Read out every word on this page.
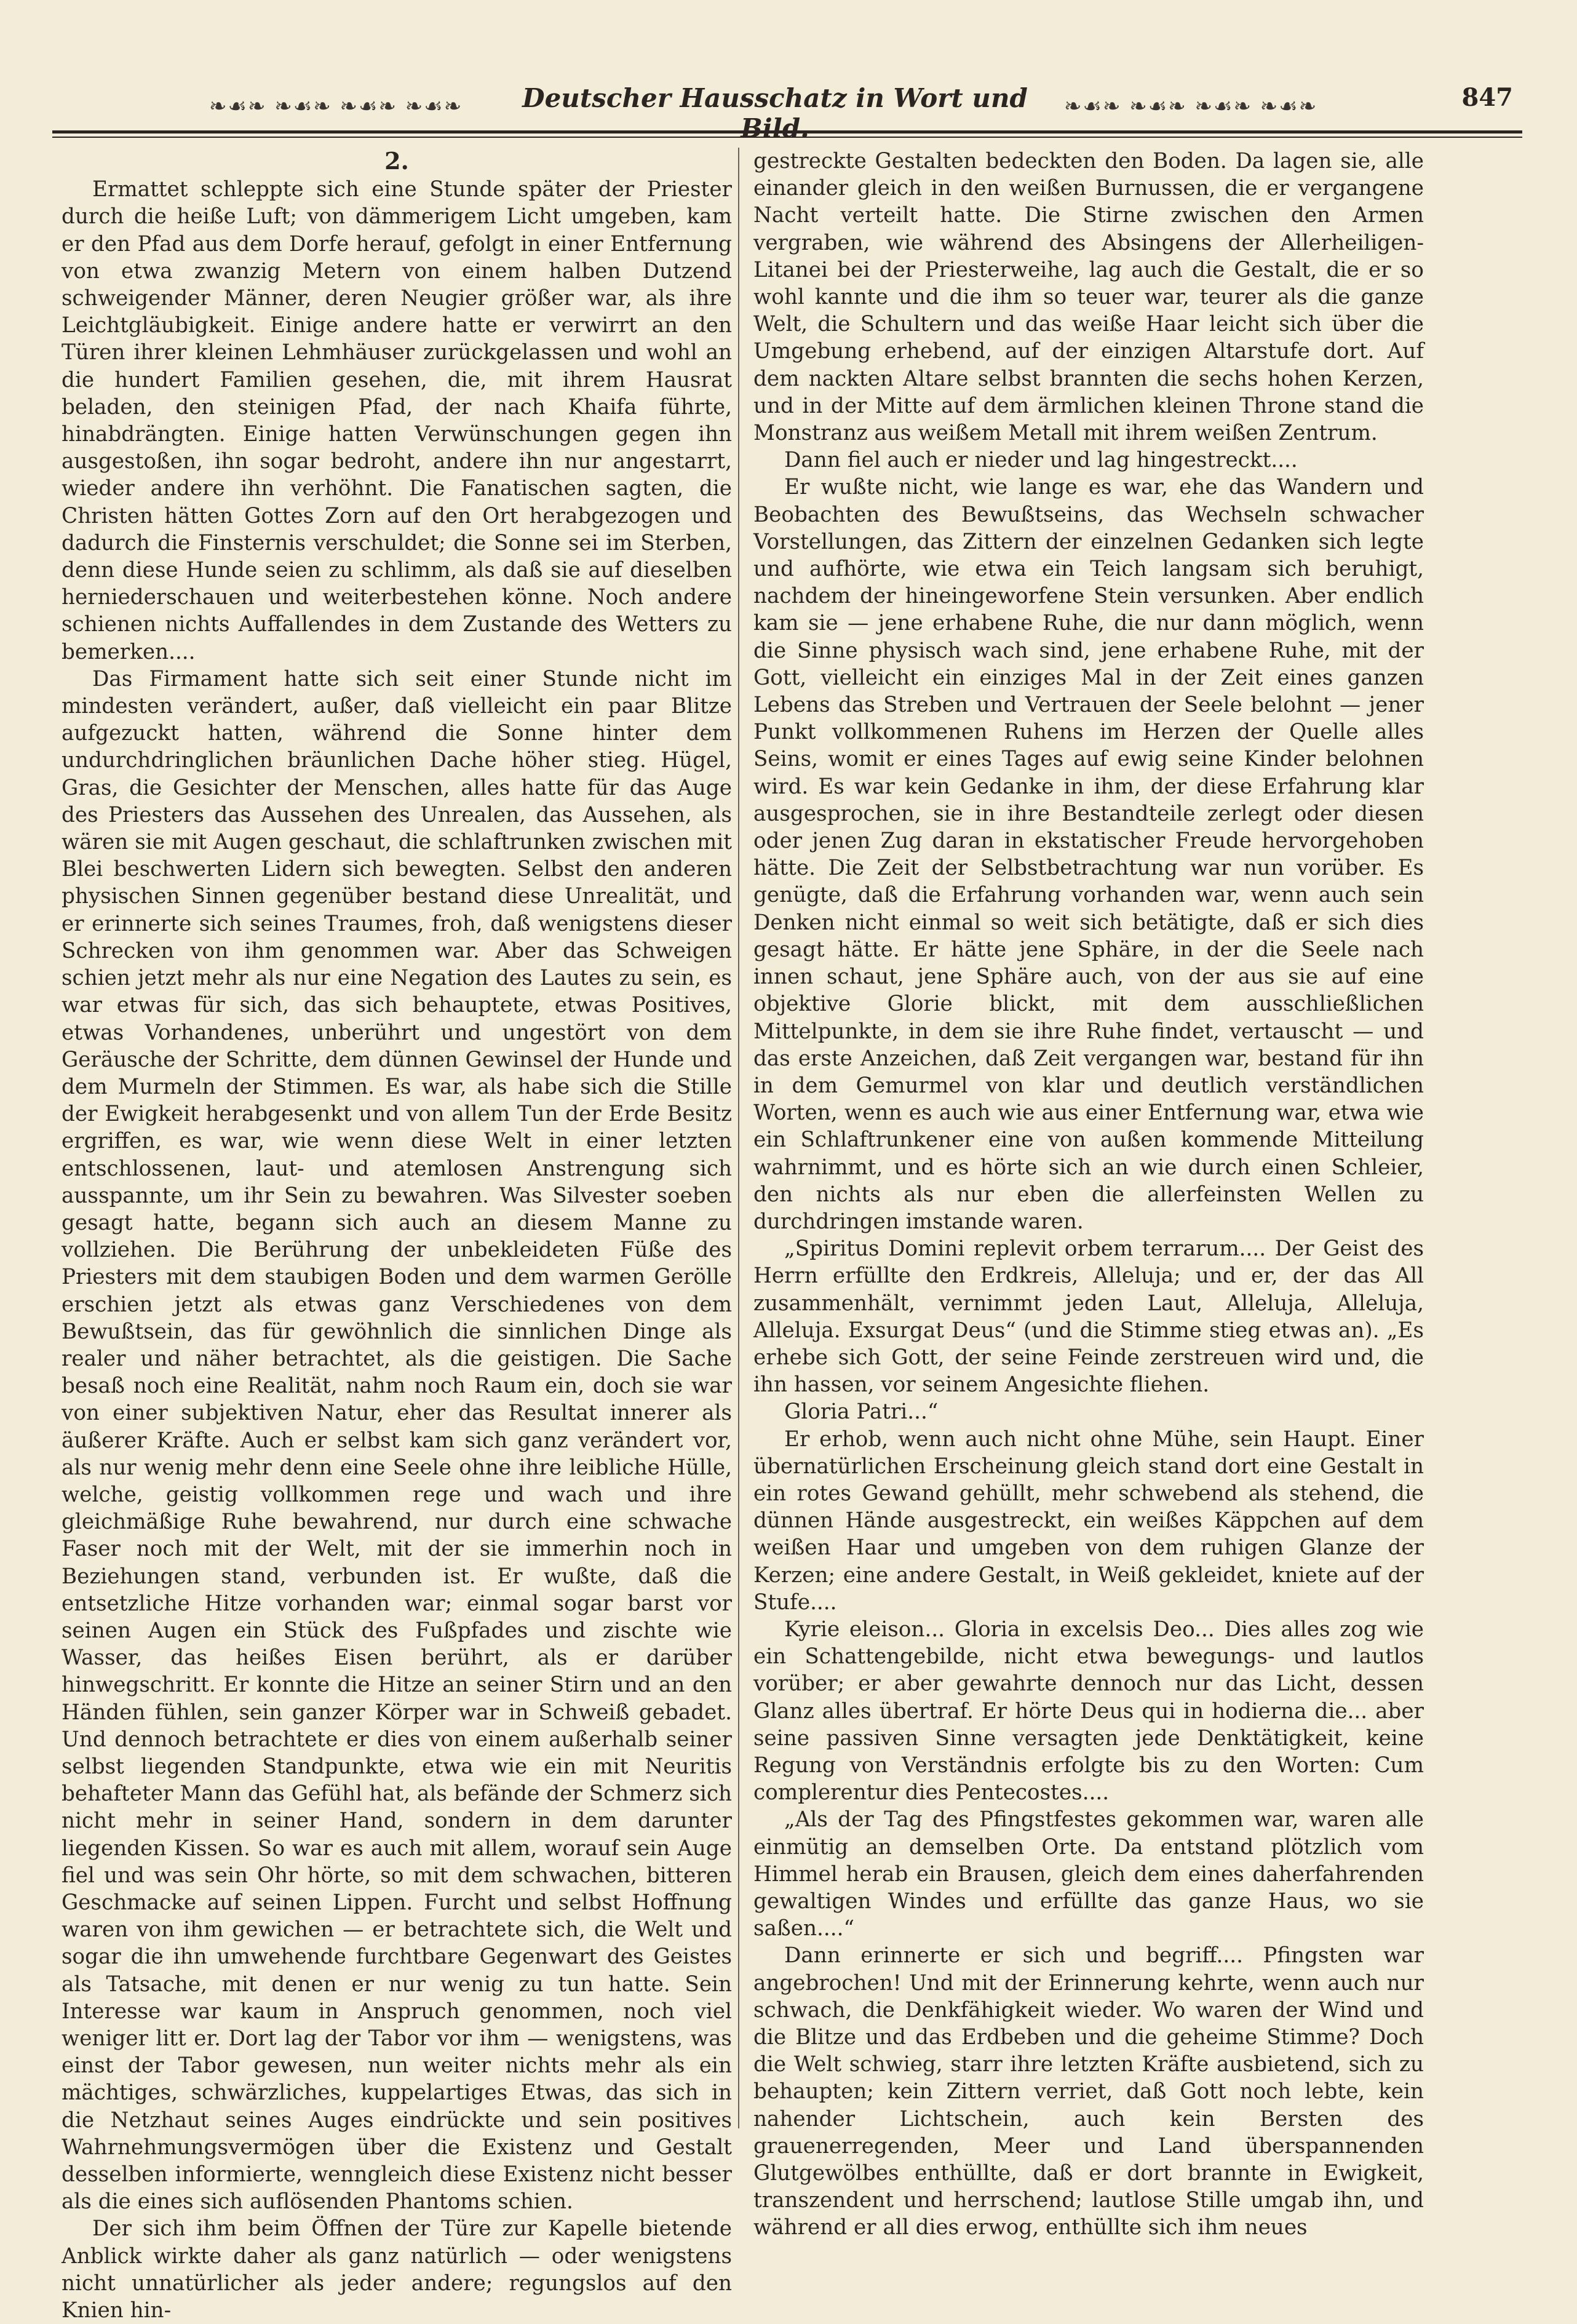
❧☙❧ ❧☙❧ ❧☙❧ ❧☙❧	Deutscher Hausschatz in Wort und Bild.
❧☙❧ ❧☙❧ ❧☙❧ ❧☙❧	847
2.

Ermattet schleppte sich eine Stunde später der Priester durch die heiße Luft; von dämmerigem Licht umgeben, kam er den Pfad aus dem Dorfe herauf, gefolgt in einer Entfernung von etwa zwanzig Metern von einem halben Dutzend schweigender Männer, deren Neugier größer war, als ihre Leichtgläubigkeit. Einige andere hatte er verwirrt an den Türen ihrer kleinen Lehmhäuser zurückgelassen und wohl an die hundert Familien gesehen, die, mit ihrem Hausrat beladen, den steinigen Pfad, der nach Khaifa führte, hinabdrängten. Einige hatten Verwünschungen gegen ihn ausgestoßen, ihn sogar bedroht, andere ihn nur angestarrt, wieder andere ihn verhöhnt. Die Fanatischen sagten, die Christen hätten Gottes Zorn auf den Ort herabgezogen und dadurch die Finsternis verschuldet; die Sonne sei im Sterben, denn diese Hunde seien zu schlimm, als daß sie auf dieselben herniederschauen und weiterbestehen könne. Noch andere schienen nichts Auffallendes in dem Zustande des Wetters zu bemerken....

Das Firmament hatte sich seit einer Stunde nicht im mindesten verändert, außer, daß vielleicht ein paar Blitze aufgezuckt hatten, während die Sonne hinter dem undurchdringlichen bräunlichen Dache höher stieg. Hügel, Gras, die Gesichter der Menschen, alles hatte für das Auge des Priesters das Aussehen des Unrealen, das Aussehen, als wären sie mit Augen geschaut, die schlaftrunken zwischen mit Blei beschwerten Lidern sich bewegten. Selbst den anderen physischen Sinnen gegenüber bestand diese Unrealität, und er erinnerte sich seines Traumes, froh, daß wenigstens dieser Schrecken von ihm genommen war. Aber das Schweigen schien jetzt mehr als nur eine Negation des Lautes zu sein, es war etwas für sich, das sich behauptete, etwas Positives, etwas Vorhandenes, unberührt und ungestört von dem Geräusche der Schritte, dem dünnen Gewinsel der Hunde und dem Murmeln der Stimmen. Es war, als habe sich die Stille der Ewigkeit herabgesenkt und von allem Tun der Erde Besitz ergriffen, es war, wie wenn diese Welt in einer letzten entschlossenen, laut- und atemlosen Anstrengung sich ausspannte, um ihr Sein zu bewahren. Was Silvester soeben gesagt hatte, begann sich auch an diesem Manne zu vollziehen. Die Berührung der unbekleideten Füße des Priesters mit dem staubigen Boden und dem warmen Gerölle erschien jetzt als etwas ganz Verschiedenes von dem Bewußtsein, das für gewöhnlich die sinnlichen Dinge als realer und näher betrachtet, als die geistigen. Die Sache besaß noch eine Realität, nahm noch Raum ein, doch sie war von einer subjektiven Natur, eher das Resultat innerer als äußerer Kräfte. Auch er selbst kam sich ganz verändert vor, als nur wenig mehr denn eine Seele ohne ihre leibliche Hülle, welche, geistig vollkommen rege und wach und ihre gleichmäßige Ruhe bewahrend, nur durch eine schwache Faser noch mit der Welt, mit der sie immerhin noch in Beziehungen stand, verbunden ist. Er wußte, daß die entsetzliche Hitze vorhanden war; einmal sogar barst vor seinen Augen ein Stück des Fußpfades und zischte wie Wasser, das heißes Eisen berührt, als er darüber hinwegschritt. Er konnte die Hitze an seiner Stirn und an den Händen fühlen, sein ganzer Körper war in Schweiß gebadet. Und dennoch betrachtete er dies von einem außerhalb seiner selbst liegenden Standpunkte, etwa wie ein mit Neuritis behafteter Mann das Gefühl hat, als befände der Schmerz sich nicht mehr in seiner Hand, sondern in dem darunter liegenden Kissen. So war es auch mit allem, worauf sein Auge fiel und was sein Ohr hörte, so mit dem schwachen, bitteren Geschmacke auf seinen Lippen. Furcht und selbst Hoffnung waren von ihm gewichen — er betrachtete sich, die Welt und sogar die ihn umwehende furchtbare Gegenwart des Geistes als Tatsache, mit denen er nur wenig zu tun hatte. Sein Interesse war kaum in Anspruch genommen, noch viel weniger litt er. Dort lag der Tabor vor ihm — wenigstens, was einst der Tabor gewesen, nun weiter nichts mehr als ein mächtiges, schwärzliches, kuppelartiges Etwas, das sich in die Netzhaut seines Auges eindrückte und sein positives Wahrnehmungsvermögen über die Existenz und Gestalt desselben informierte, wenngleich diese Existenz nicht besser als die eines sich auflösenden Phantoms schien.

Der sich ihm beim Öffnen der Türe zur Kapelle bietende Anblick wirkte daher als ganz natürlich — oder wenigstens nicht unnatürlicher als jeder andere; regungslos auf den Knien hin-

gestreckte Gestalten bedeckten den Boden. Da lagen sie, alle einander gleich in den weißen Burnussen, die er vergangene Nacht verteilt hatte. Die Stirne zwischen den Armen vergraben, wie während des Absingens der Allerheiligen-Litanei bei der Priesterweihe, lag auch die Gestalt, die er so wohl kannte und die ihm so teuer war, teurer als die ganze Welt, die Schultern und das weiße Haar leicht sich über die Umgebung erhebend, auf der einzigen Altarstufe dort. Auf dem nackten Altare selbst brannten die sechs hohen Kerzen, und in der Mitte auf dem ärmlichen kleinen Throne stand die Monstranz aus weißem Metall mit ihrem weißen Zentrum.

Dann fiel auch er nieder und lag hingestreckt....

Er wußte nicht, wie lange es war, ehe das Wandern und Beobachten des Bewußtseins, das Wechseln schwacher Vorstellungen, das Zittern der einzelnen Gedanken sich legte und aufhörte, wie etwa ein Teich langsam sich beruhigt, nachdem der hineingeworfene Stein versunken. Aber endlich kam sie — jene erhabene Ruhe, die nur dann möglich, wenn die Sinne physisch wach sind, jene erhabene Ruhe, mit der Gott, vielleicht ein einziges Mal in der Zeit eines ganzen Lebens das Streben und Vertrauen der Seele belohnt — jener Punkt vollkommenen Ruhens im Herzen der Quelle alles Seins, womit er eines Tages auf ewig seine Kinder belohnen wird. Es war kein Gedanke in ihm, der diese Erfahrung klar ausgesprochen, sie in ihre Bestandteile zerlegt oder diesen oder jenen Zug daran in ekstatischer Freude hervorgehoben hätte. Die Zeit der Selbstbetrachtung war nun vorüber. Es genügte, daß die Erfahrung vorhanden war, wenn auch sein Denken nicht einmal so weit sich betätigte, daß er sich dies gesagt hätte. Er hätte jene Sphäre, in der die Seele nach innen schaut, jene Sphäre auch, von der aus sie auf eine objektive Glorie blickt, mit dem ausschließlichen Mittelpunkte, in dem sie ihre Ruhe findet, vertauscht — und das erste Anzeichen, daß Zeit vergangen war, bestand für ihn in dem Gemurmel von klar und deutlich verständlichen Worten, wenn es auch wie aus einer Entfernung war, etwa wie ein Schlaftrunkener eine von außen kommende Mitteilung wahrnimmt, und es hörte sich an wie durch einen Schleier, den nichts als nur eben die allerfeinsten Wellen zu durchdringen imstande waren.

„Spiritus Domini replevit orbem terrarum.... Der Geist des Herrn erfüllte den Erdkreis, Alleluja; und er, der das All zusammenhält, vernimmt jeden Laut, Alleluja, Alleluja, Alleluja. Exsurgat Deus“ (und die Stimme stieg etwas an). „Es erhebe sich Gott, der seine Feinde zerstreuen wird und, die ihn hassen, vor seinem Angesichte fliehen.

Gloria Patri...“

Er erhob, wenn auch nicht ohne Mühe, sein Haupt. Einer übernatürlichen Erscheinung gleich stand dort eine Gestalt in ein rotes Gewand gehüllt, mehr schwebend als stehend, die dünnen Hände ausgestreckt, ein weißes Käppchen auf dem weißen Haar und umgeben von dem ruhigen Glanze der Kerzen; eine andere Gestalt, in Weiß gekleidet, kniete auf der Stufe....

Kyrie eleison... Gloria in excelsis Deo... Dies alles zog wie ein Schattengebilde, nicht etwa bewegungs- und lautlos vorüber; er aber gewahrte dennoch nur das Licht, dessen Glanz alles übertraf. Er hörte Deus qui in hodierna die... aber seine passiven Sinne versagten jede Denktätigkeit, keine Regung von Verständnis erfolgte bis zu den Worten: Cum complerentur dies Pentecostes....

„Als der Tag des Pfingstfestes gekommen war, waren alle einmütig an demselben Orte. Da entstand plötzlich vom Himmel herab ein Brausen, gleich dem eines daherfahrenden gewaltigen Windes und erfüllte das ganze Haus, wo sie saßen....“

Dann erinnerte er sich und begriff.... Pfingsten war angebrochen! Und mit der Erinnerung kehrte, wenn auch nur schwach, die Denkfähigkeit wieder. Wo waren der Wind und die Blitze und das Erdbeben und die geheime Stimme? Doch die Welt schwieg, starr ihre letzten Kräfte ausbietend, sich zu behaupten; kein Zittern verriet, daß Gott noch lebte, kein nahender Lichtschein, auch kein Bersten des grauenerregenden, Meer und Land überspannenden Glutgewölbes enthüllte, daß er dort brannte in Ewigkeit, transzendent und herrschend; lautlose Stille umgab ihn, und während er all dies erwog, enthüllte sich ihm neues
